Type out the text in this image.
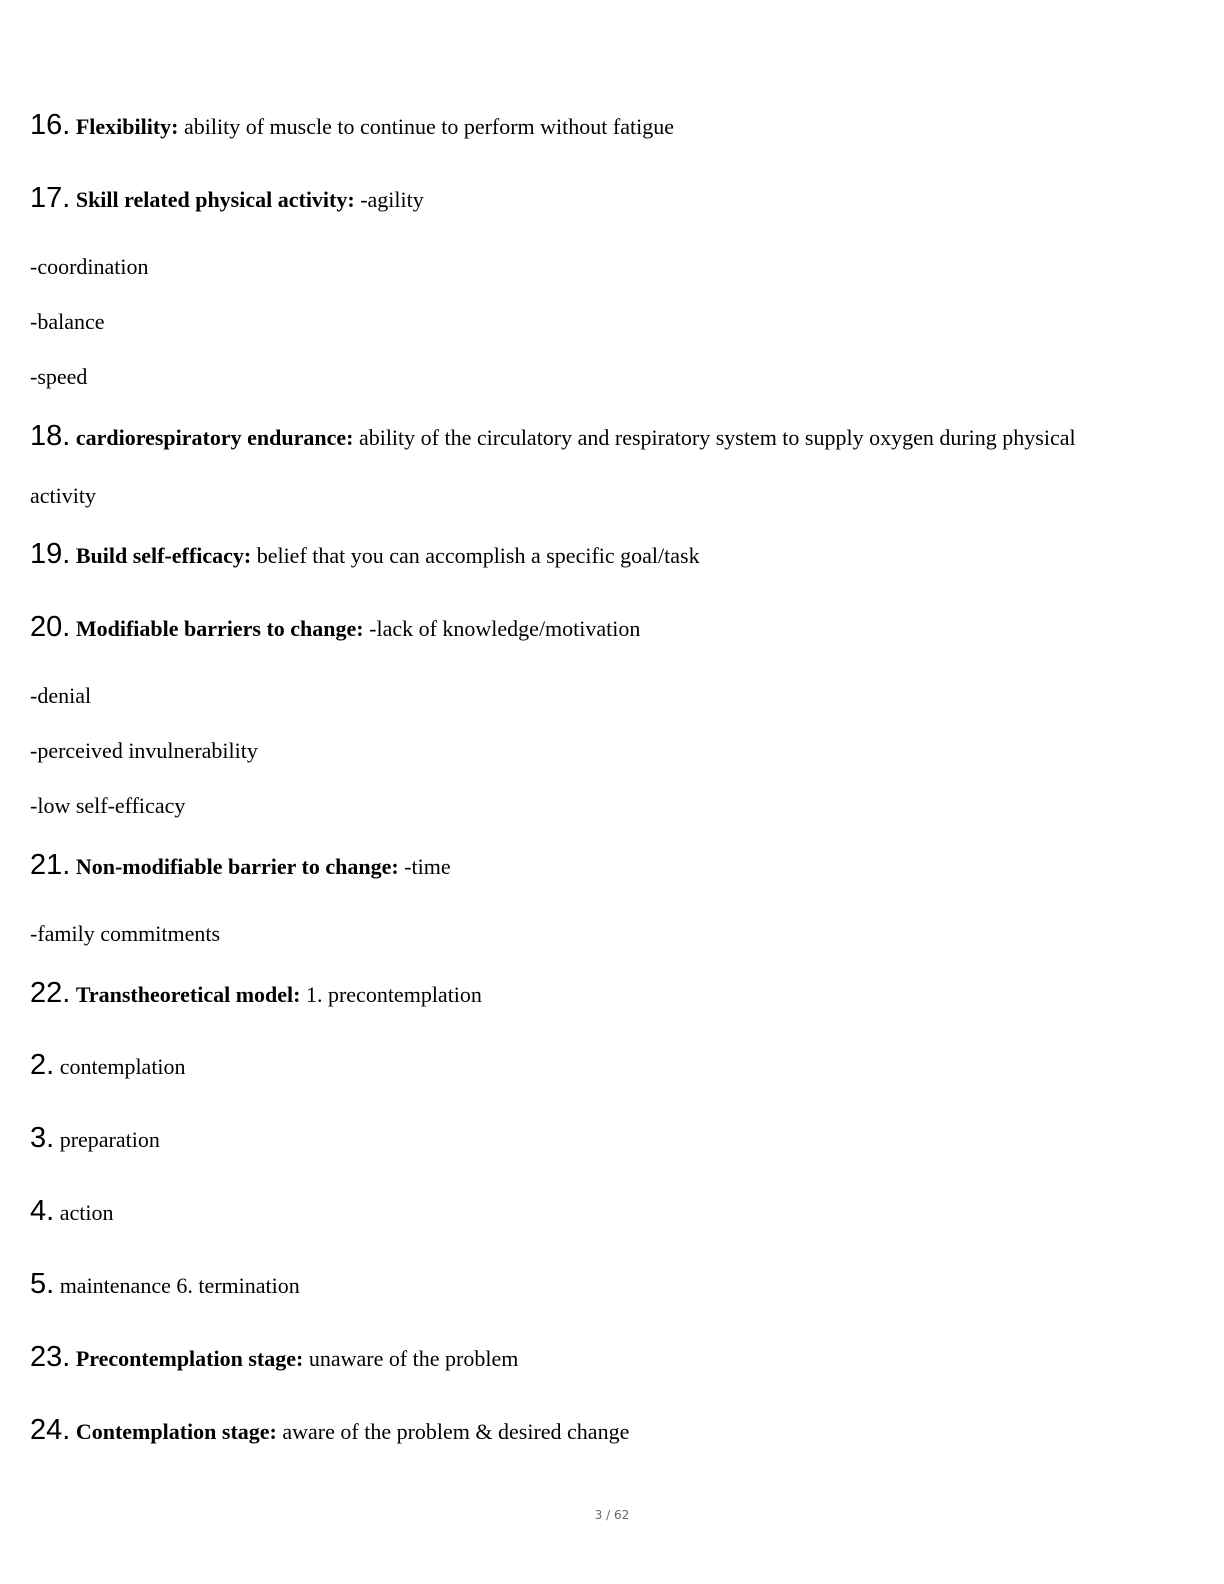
16. Flexibility: ability of muscle to continue to perform without fatigue
17. Skill related physical activity: -agility
-coordination
-balance
-speed
18. cardiorespiratory endurance: ability of the circulatory and respiratory system to supply oxygen during physical
activity
19. Build self-efficacy: belief that you can accomplish a specific goal/task
20. Modifiable barriers to change: -lack of knowledge/motivation
-denial
-perceived invulnerability
-low self-efficacy
21. Non-modifiable barrier to change: -time
-family commitments
22. Transtheoretical model: 1. precontemplation
2. contemplation
3. preparation
4. action
5. maintenance 6. termination
23. Precontemplation stage: unaware of the problem
24. Contemplation stage: aware of the problem & desired change
3 / 62
